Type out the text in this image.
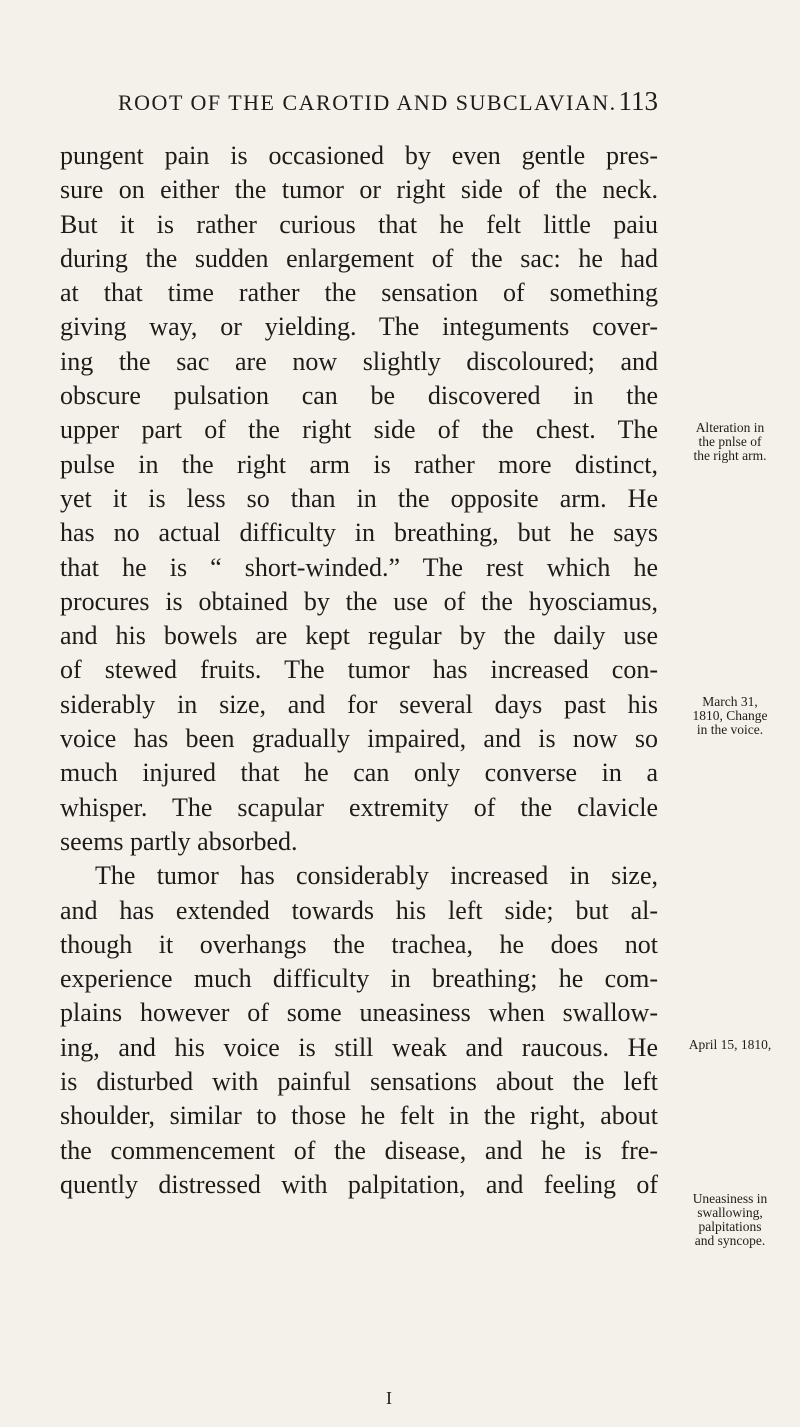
ROOT OF THE CAROTID AND SUBCLAVIAN. 113
pungent pain is occasioned by even gentle pres-
sure on either the tumor or right side of the neck.
But it is rather curious that he felt little paiu
during the sudden enlargement of the sac: he had
at that time rather the sensation of something
giving way, or yielding. The integuments cover-
ing the sac are now slightly discoloured; and
obscure pulsation can be discovered in the
upper part of the right side of the chest. The
pulse in the right arm is rather more distinct,
yet it is less so than in the opposite arm. He
has no actual difficulty in breathing, but he says
that he is “ short-winded.” The rest which he
procures is obtained by the use of the hyosciamus,
and his bowels are kept regular by the daily use
of stewed fruits. The tumor has increased con-
siderably in size, and for several days past his
voice has been gradually impaired, and is now so
much injured that he can only converse in a
whisper. The scapular extremity of the clavicle
seems partly absorbed.
The tumor has considerably increased in size,
and has extended towards his left side; but al-
though it overhangs the trachea, he does not
experience much difficulty in breathing; he com-
plains however of some uneasiness when swallow-
ing, and his voice is still weak and raucous. He
is disturbed with painful sensations about the left
shoulder, similar to those he felt in the right, about
the commencement of the disease, and he is fre-
quently distressed with palpitation, and feeling of
Alteration in
the pnlse of
the right arm.
March 31,
1810, Change
in the voice.
April 15, 1810,
Uneasiness in
swallowing,
palpitations
and syncope.
I
